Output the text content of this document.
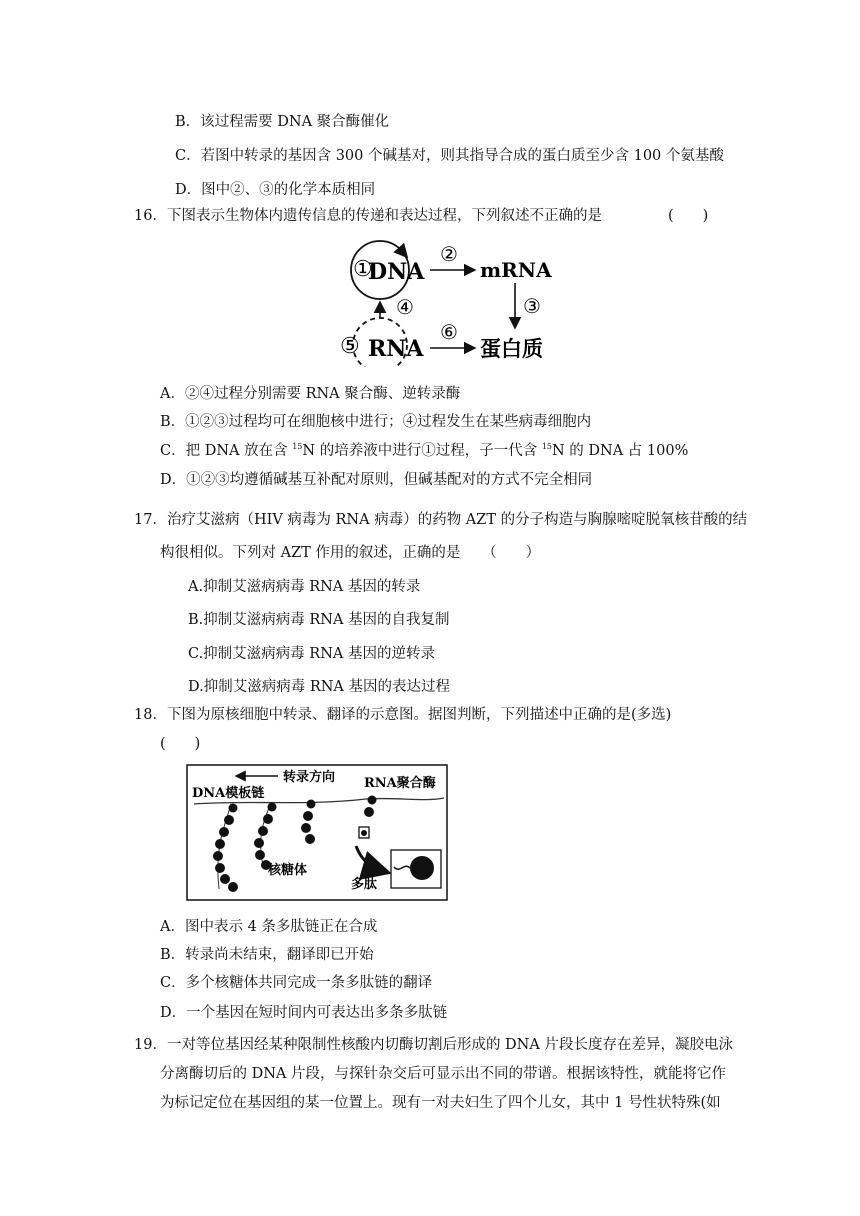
B．该过程需要 DNA 聚合酶催化
C．若图中转录的基因含 300 个碱基对，则其指导合成的蛋白质至少含 100 个氨基酸
D．图中②、③的化学本质相同
16．下图表示生物体内遗传信息的传递和表达过程，下列叙述不正确的是	(　　)
①
DNA
②
mRNA
③
④
⑤ RNA
⑥
蛋白质
A．②④过程分别需要 RNA 聚合酶、逆转录酶
B．①②③过程均可在细胞核中进行；④过程发生在某些病毒细胞内
C．把 DNA 放在含 $^{15}$N 的培养液中进行①过程，子一代含 $^{15}$N 的 DNA 占 100%
D．①②③均遵循碱基互补配对原则，但碱基配对的方式不完全相同
17．治疗艾滋病（HIV 病毒为 RNA 病毒）的药物 AZT 的分子构造与胸腺嘧啶脱氧核苷酸的结
构很相似。下列对 AZT 作用的叙述，正确的是　　（　　）
A.抑制艾滋病病毒 RNA 基因的转录
B.抑制艾滋病病毒 RNA 基因的自我复制
C.抑制艾滋病病毒 RNA 基因的逆转录
D.抑制艾滋病病毒 RNA 基因的表达过程
18．下图为原核细胞中转录、翻译的示意图。据图判断，下列描述中正确的是(多选)
(　　)
转录方向 RNA聚合酶
DNA模板链
核糖体
多肽
A．图中表示 4 条多肽链正在合成
B．转录尚未结束，翻译即已开始
C．多个核糖体共同完成一条多肽链的翻译
D．一个基因在短时间内可表达出多条多肽链
19．一对等位基因经某种限制性核酸内切酶切割后形成的 DNA 片段长度存在差异，凝胶电泳
分离酶切后的 DNA 片段，与探针杂交后可显示出不同的带谱。根据该特性，就能将它作
为标记定位在基因组的某一位置上。现有一对夫妇生了四个儿女，其中 1 号性状特殊(如
